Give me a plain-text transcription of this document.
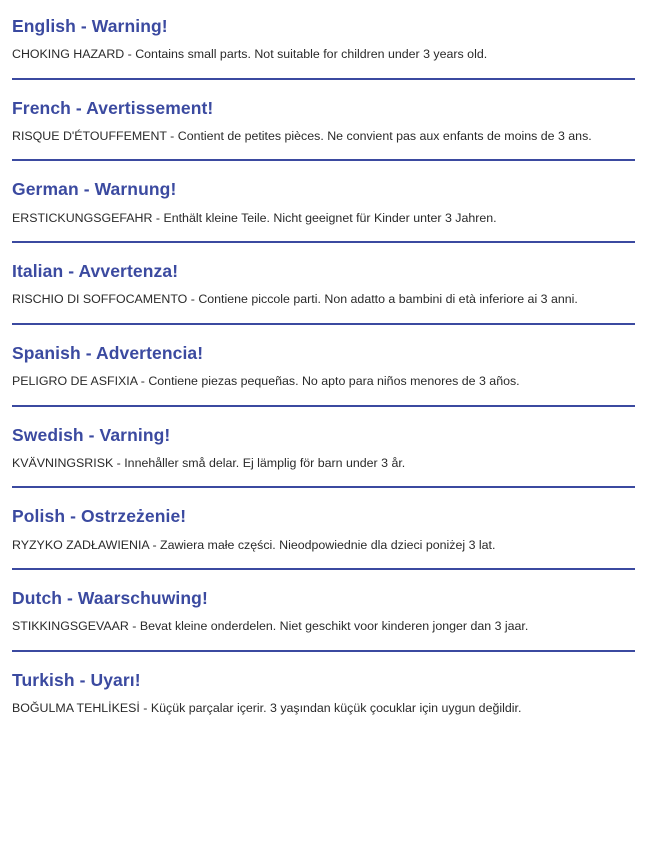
English - Warning!
CHOKING HAZARD - Contains small parts. Not suitable for children under 3 years old.
French - Avertissement!
RISQUE D'ÉTOUFFEMENT - Contient de petites pièces. Ne convient pas aux enfants de moins de 3 ans.
German - Warnung!
ERSTICKUNGSGEFAHR - Enthält kleine Teile. Nicht geeignet für Kinder unter 3 Jahren.
Italian - Avvertenza!
RISCHIO DI SOFFOCAMENTO - Contiene piccole parti. Non adatto a bambini di età inferiore ai 3 anni.
Spanish - Advertencia!
PELIGRO DE ASFIXIA - Contiene piezas pequeñas. No apto para niños menores de 3 años.
Swedish - Varning!
KVÄVNINGSRISK - Innehåller små delar. Ej lämplig för barn under 3 år.
Polish - Ostrzeżenie!
RYZYKO ZADŁAWIENIA - Zawiera małe części. Nieodpowiednie dla dzieci poniżej 3 lat.
Dutch - Waarschuwing!
STIKKINGSGEVAAR - Bevat kleine onderdelen. Niet geschikt voor kinderen jonger dan 3 jaar.
Turkish - Uyarı!
BOĞULMA TEHLİKESİ - Küçük parçalar içerir. 3 yaşından küçük çocuklar için uygun değildir.
